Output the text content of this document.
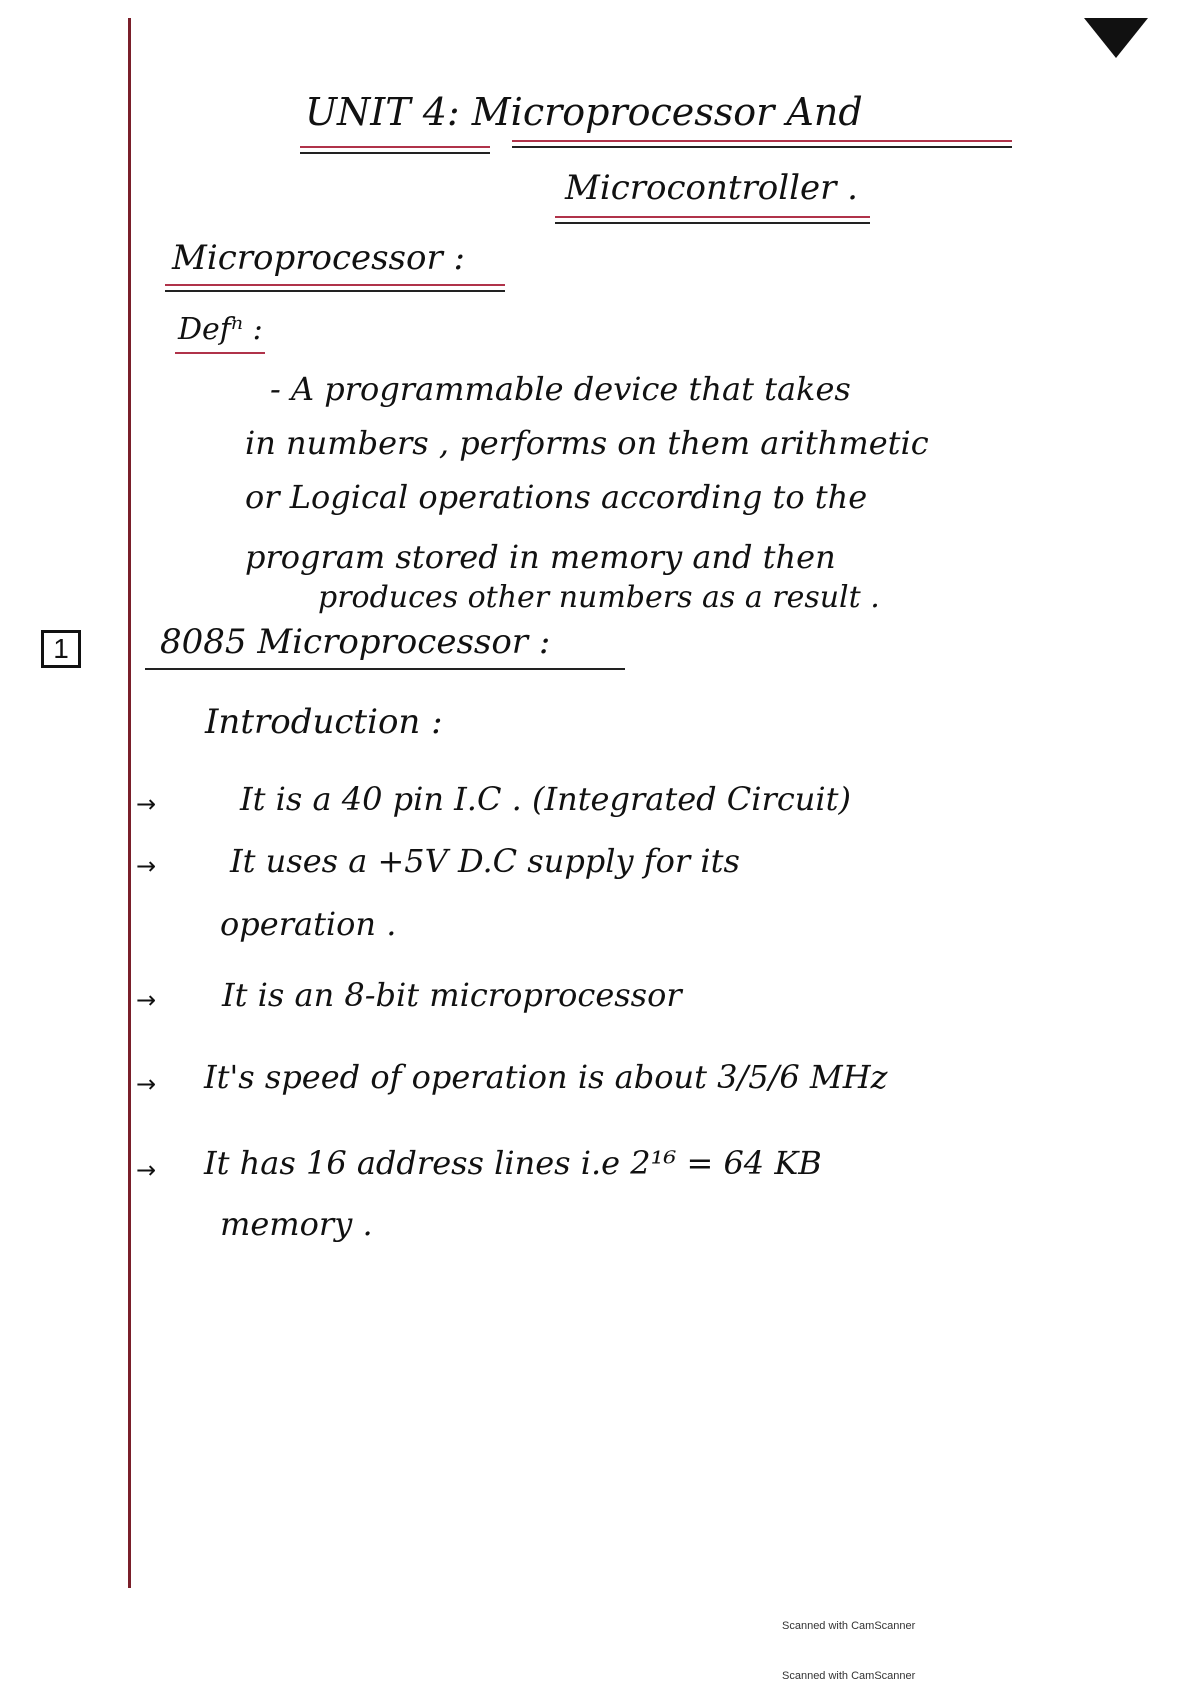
UNIT 4: Microprocessor And

Microcontroller .

Microprocessor :

Defⁿ :

- A programmable device that takes

in numbers , performs on them arithmetic

or Logical operations according to the

program stored in memory and then

produces other numbers as a result .

1	8085 Microprocessor :

Introduction :

→	It is a 40 pin I.C . (Integrated Circuit)

→ It uses a +5V D.C supply for its

operation .

→ It is an 8-bit microprocessor

→ It's speed of operation is about 3/5/6 MHz

→ It has 16 address lines i.e 2¹⁶ = 64 KB

memory .

Scanned with CamScanner
Scanned with CamScanner
